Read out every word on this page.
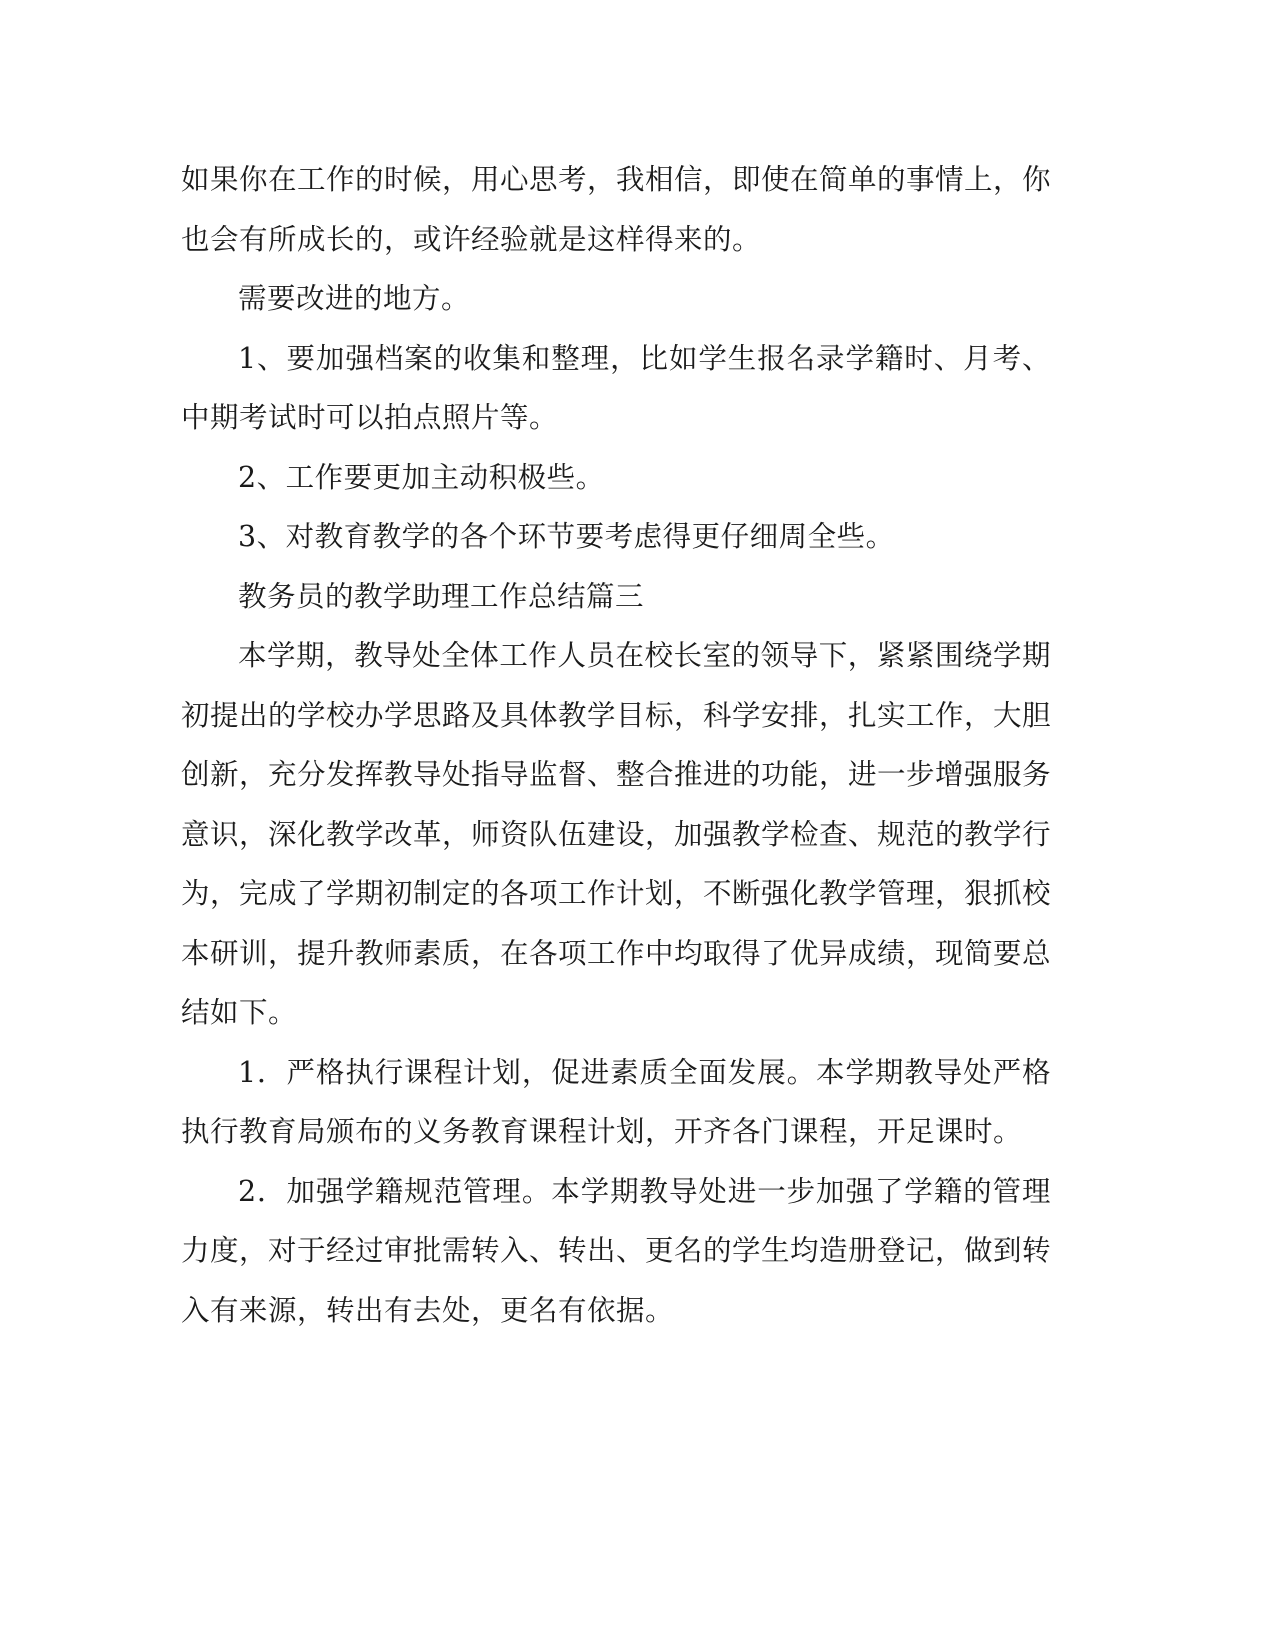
如果你在工作的时候，用心思考，我相信，即使在简单的事情上，你也会有所成长的，或许经验就是这样得来的。

需要改进的地方。

1、要加强档案的收集和整理，比如学生报名录学籍时、月考、中期考试时可以拍点照片等。

2、工作要更加主动积极些。

3、对教育教学的各个环节要考虑得更仔细周全些。

教务员的教学助理工作总结篇三

本学期，教导处全体工作人员在校长室的领导下，紧紧围绕学期初提出的学校办学思路及具体教学目标，科学安排，扎实工作，大胆创新，充分发挥教导处指导监督、整合推进的功能，进一步增强服务意识，深化教学改革，师资队伍建设，加强教学检查、规范的教学行为，完成了学期初制定的各项工作计划，不断强化教学管理，狠抓校本研训，提升教师素质，在各项工作中均取得了优异成绩，现简要总结如下。

1．严格执行课程计划，促进素质全面发展。本学期教导处严格执行教育局颁布的义务教育课程计划，开齐各门课程，开足课时。

2．加强学籍规范管理。本学期教导处进一步加强了学籍的管理力度，对于经过审批需转入、转出、更名的学生均造册登记，做到转入有来源，转出有去处，更名有依据。
